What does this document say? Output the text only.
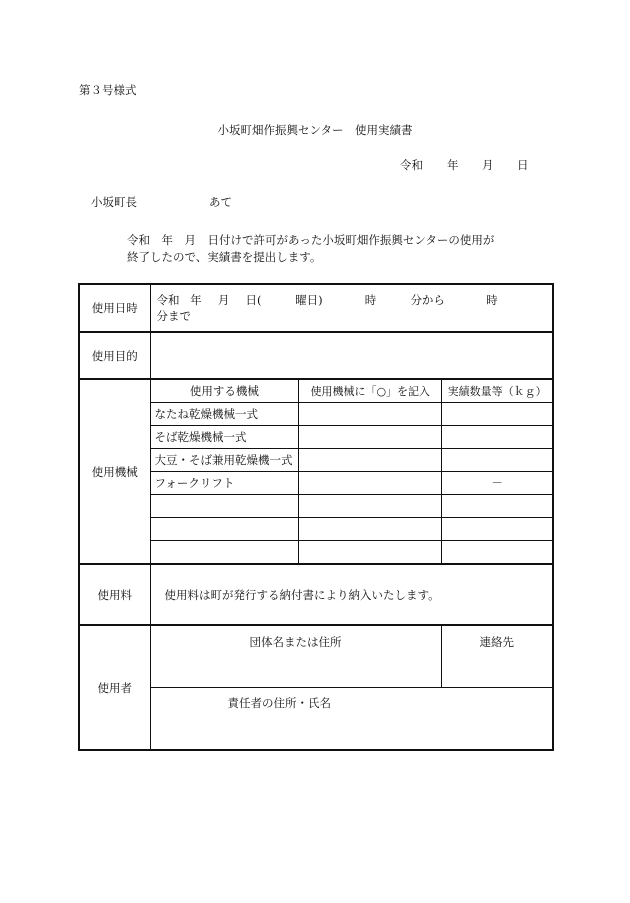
第３号様式
小坂町畑作振興センター　使用実績書
令和 年 月 日
小坂町長	あて
令和　年　月　日付けで許可があった小坂町畑作振興センターの使用が
終了したので、実績書を提出します。
使用日時	令和 年 月 日(	曜日)	時	分から	時 分まで
使用目的	
使用機械	
使用する機械	使用機械に「○」を記入	実績数量等（ｋｇ）
なたね乾燥機械一式		
そば乾燥機械一式		
大豆・そば兼用乾燥機一式		
フォークリフト		－

使用料	使用料は町が発行する納付書により納入いたします。
使用者	団体名または住所	連絡先
責任者の住所・氏名
